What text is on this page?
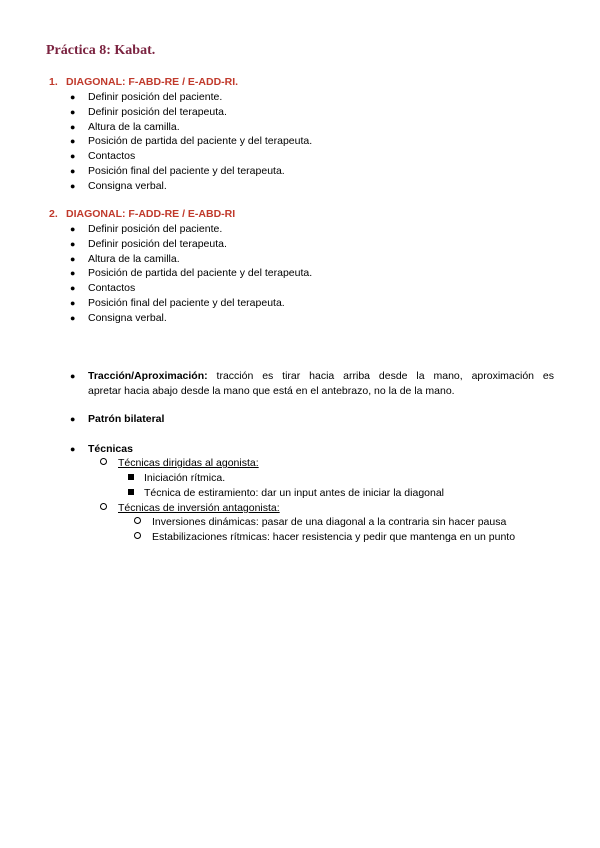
Práctica 8: Kabat.
1. DIAGONAL: F-ABD-RE / E-ADD-RI.
● Definir posición del paciente.
● Definir posición del terapeuta.
● Altura de la camilla.
● Posición de partida del paciente y del terapeuta.
● Contactos
● Posición final del paciente y del terapeuta.
● Consigna verbal.
2. DIAGONAL: F-ADD-RE / E-ABD-RI
● Definir posición del paciente.
● Definir posición del terapeuta.
● Altura de la camilla.
● Posición de partida del paciente y del terapeuta.
● Contactos
● Posición final del paciente y del terapeuta.
● Consigna verbal.
● Tracción/Aproximación: tracción es tirar hacia arriba desde la mano, aproximación es
apretar hacia abajo desde la mano que está en el antebrazo, no la de la mano.
● Patrón bilateral
● Técnicas
Técnicas dirigidas al agonista:
Iniciación rítmica.
Técnica de estiramiento: dar un input antes de iniciar la diagonal
Técnicas de inversión antagonista:
Inversiones dinámicas: pasar de una diagonal a la contraria sin hacer pausa
Estabilizaciones rítmicas: hacer resistencia y pedir que mantenga en un punto
